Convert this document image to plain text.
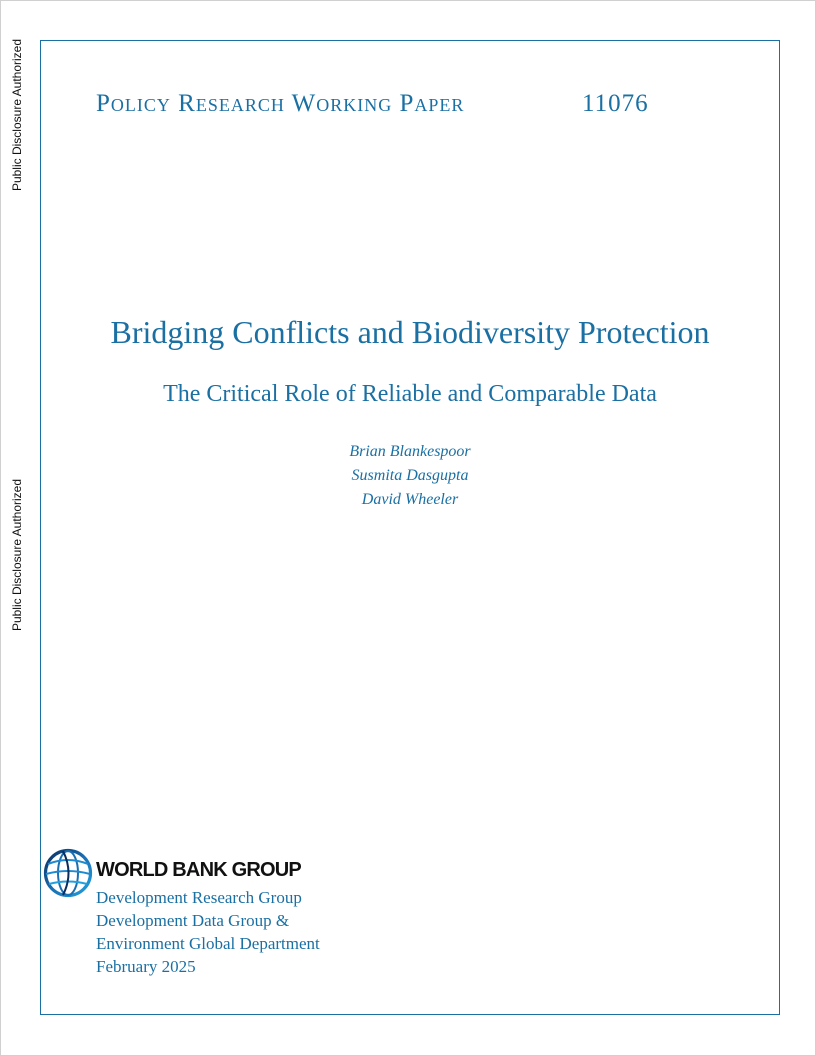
Public Disclosure Authorized
Public Disclosure Authorized
Policy Research Working Paper	11076
Bridging Conflicts and Biodiversity Protection
The Critical Role of Reliable and Comparable Data
Brian Blankespoor
Susmita Dasgupta
David Wheeler
WORLD BANK GROUP
Development Research Group
Development Data Group &
Environment Global Department
February 2025
